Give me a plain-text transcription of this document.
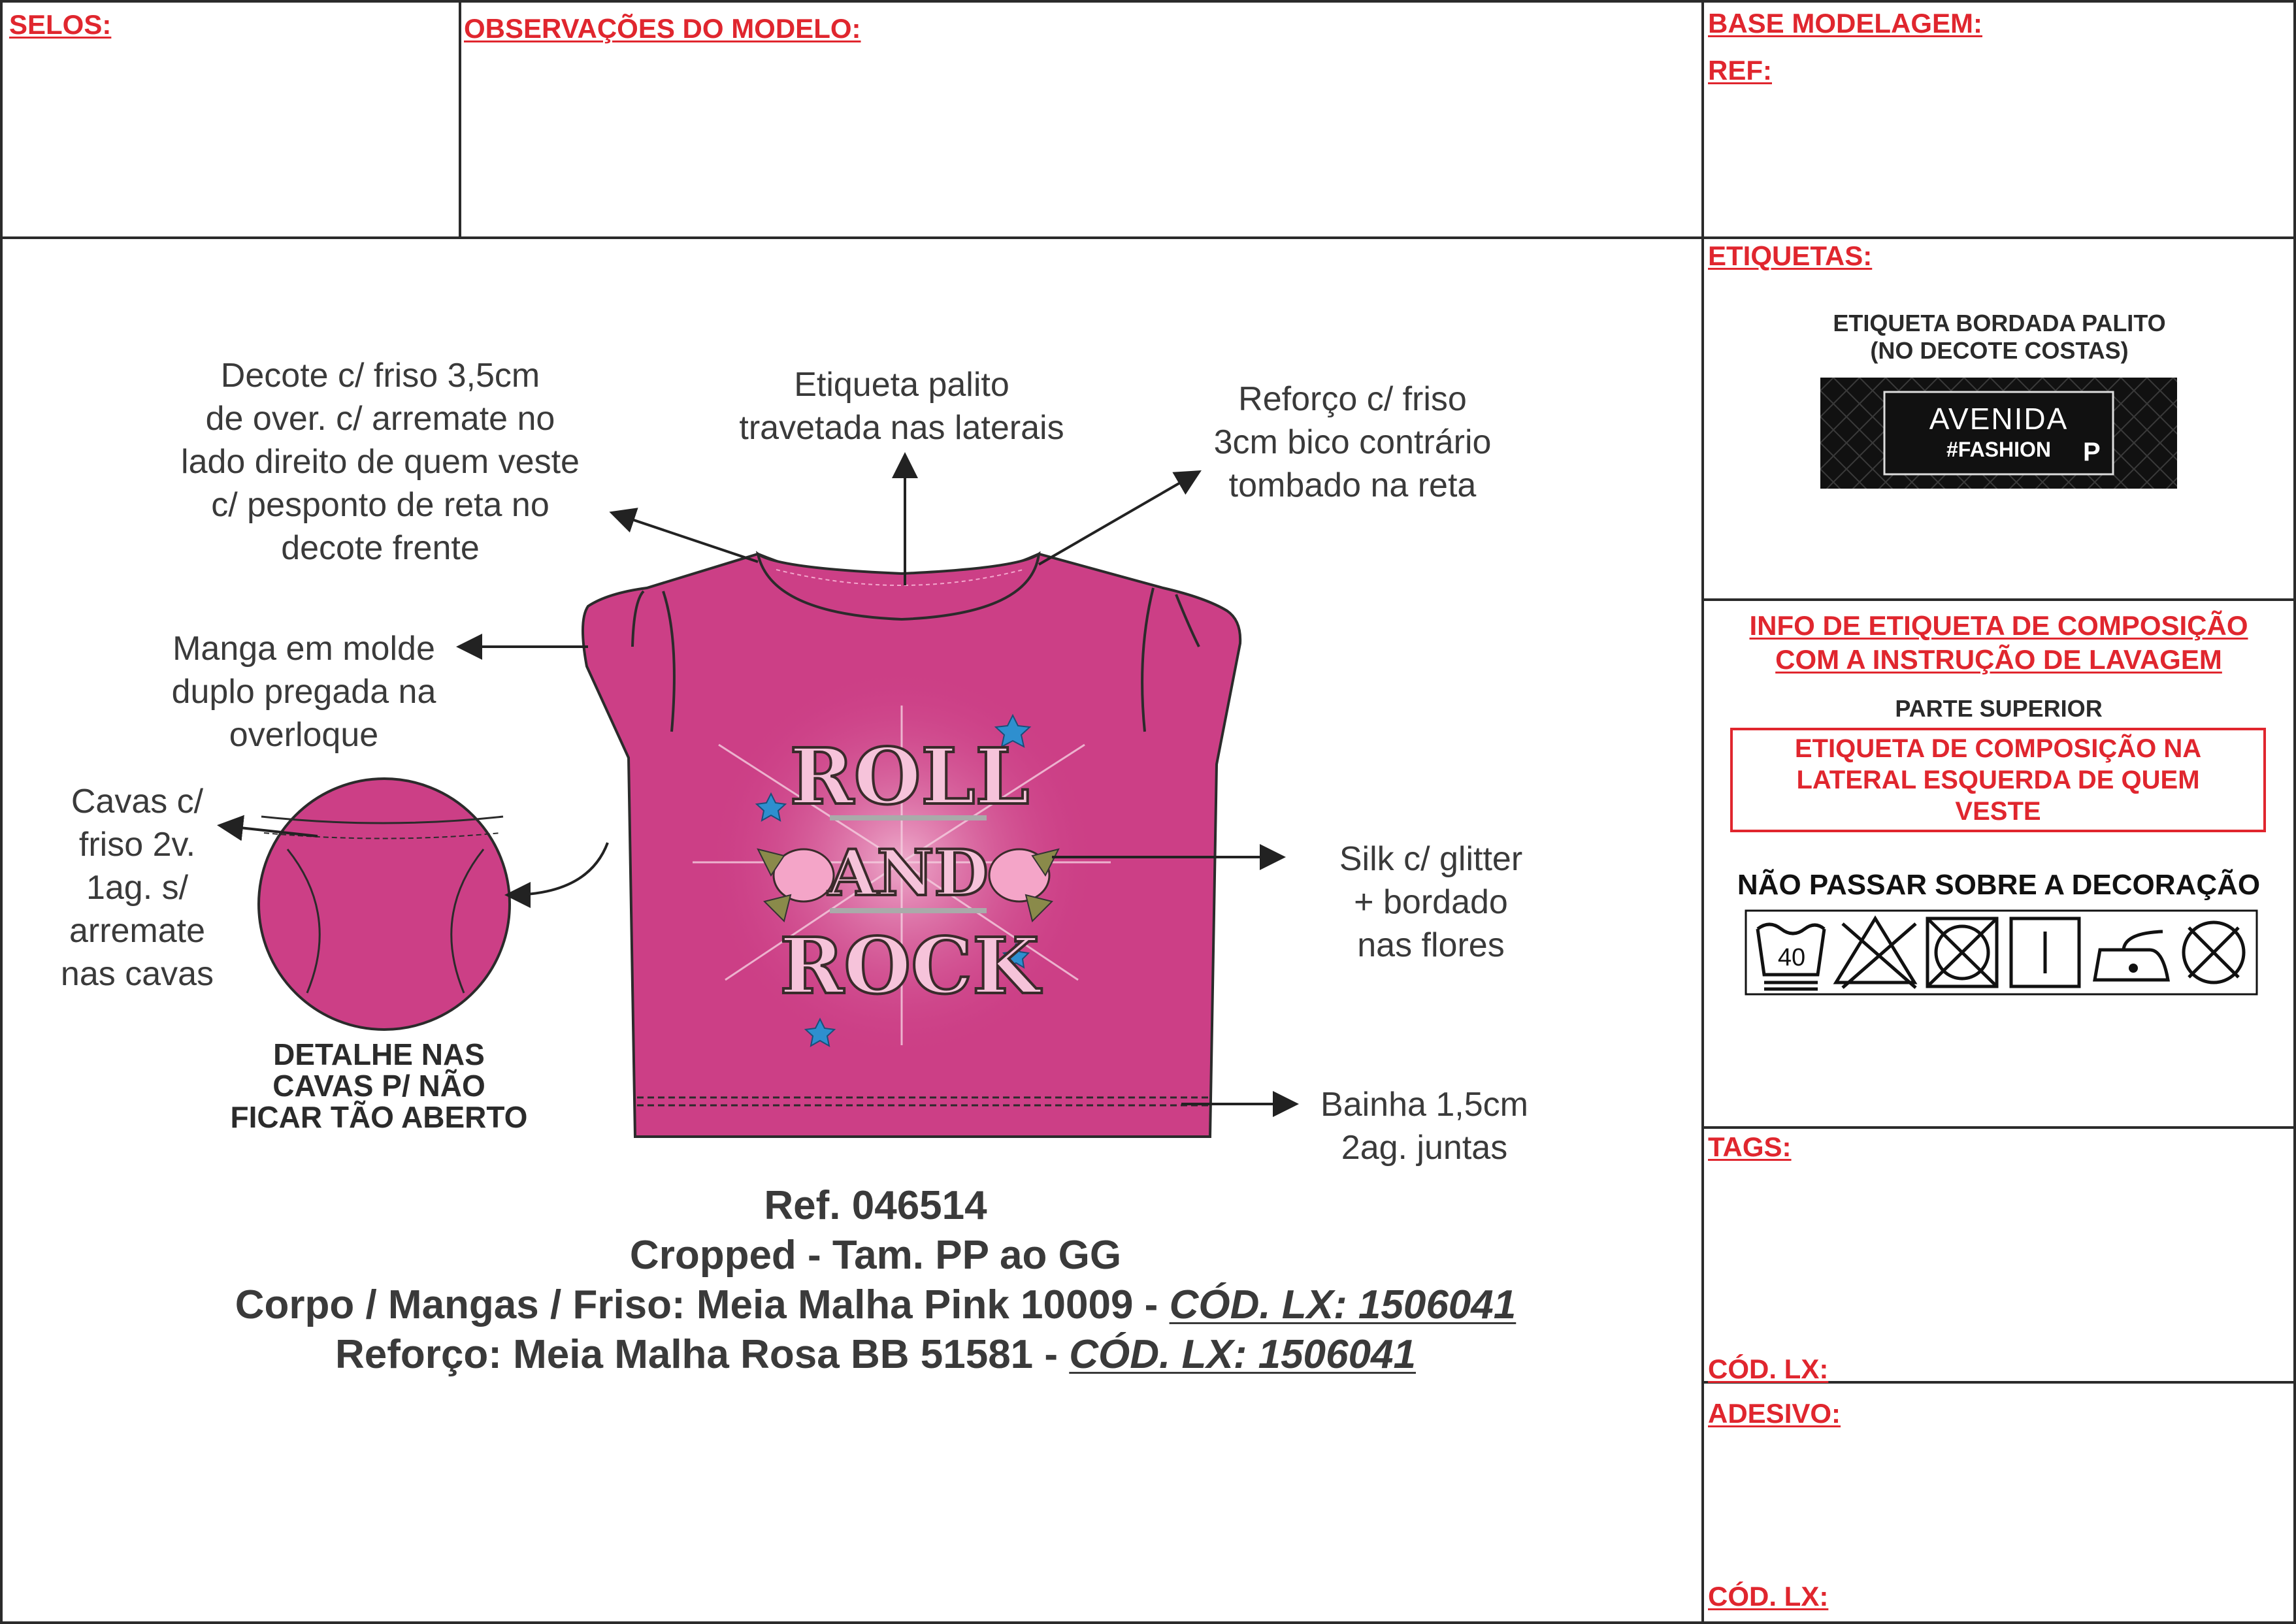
SELOS:	OBSERVAÇÕES DO MODELO:	BASE MODELAGEM:
REF:
ETIQUETAS:
TAGS:
CÓD. LX:
ADESIVO:
CÓD. LX:
ETIQUETA BORDADA PALITO
(NO DECOTE COSTAS)
AVENIDA
#FASHION	P
INFO DE ETIQUETA DE COMPOSIÇÃO
COM A INSTRUÇÃO DE LAVAGEM
PARTE SUPERIOR
ETIQUETA DE COMPOSIÇÃO NA
LATERAL ESQUERDA DE QUEM
VESTE
NÃO PASSAR SOBRE A DECORAÇÃO
40
ROLL
AND
ROCK
Decote c/ friso 3,5cm
de over. c/ arremate no
lado direito de quem veste
c/ pesponto de reta no
decote frente
Etiqueta palito
travetada nas laterais
Reforço c/ friso
3cm bico contrário
tombado na reta
Manga em molde
duplo pregada na
overloque
Cavas c/
friso 2v.
1ag. s/
arremate
nas cavas
DETALHE NAS
CAVAS P/ NÃO
FICAR TÃO ABERTO
Silk c/ glitter
+ bordado
nas flores
Bainha 1,5cm
2ag. juntas
Ref. 046514
Cropped - Tam. PP ao GG
Corpo / Mangas / Friso: Meia Malha Pink 10009 - CÓD. LX: 1506041
Reforço: Meia Malha Rosa BB 51581 - CÓD. LX: 1506041
